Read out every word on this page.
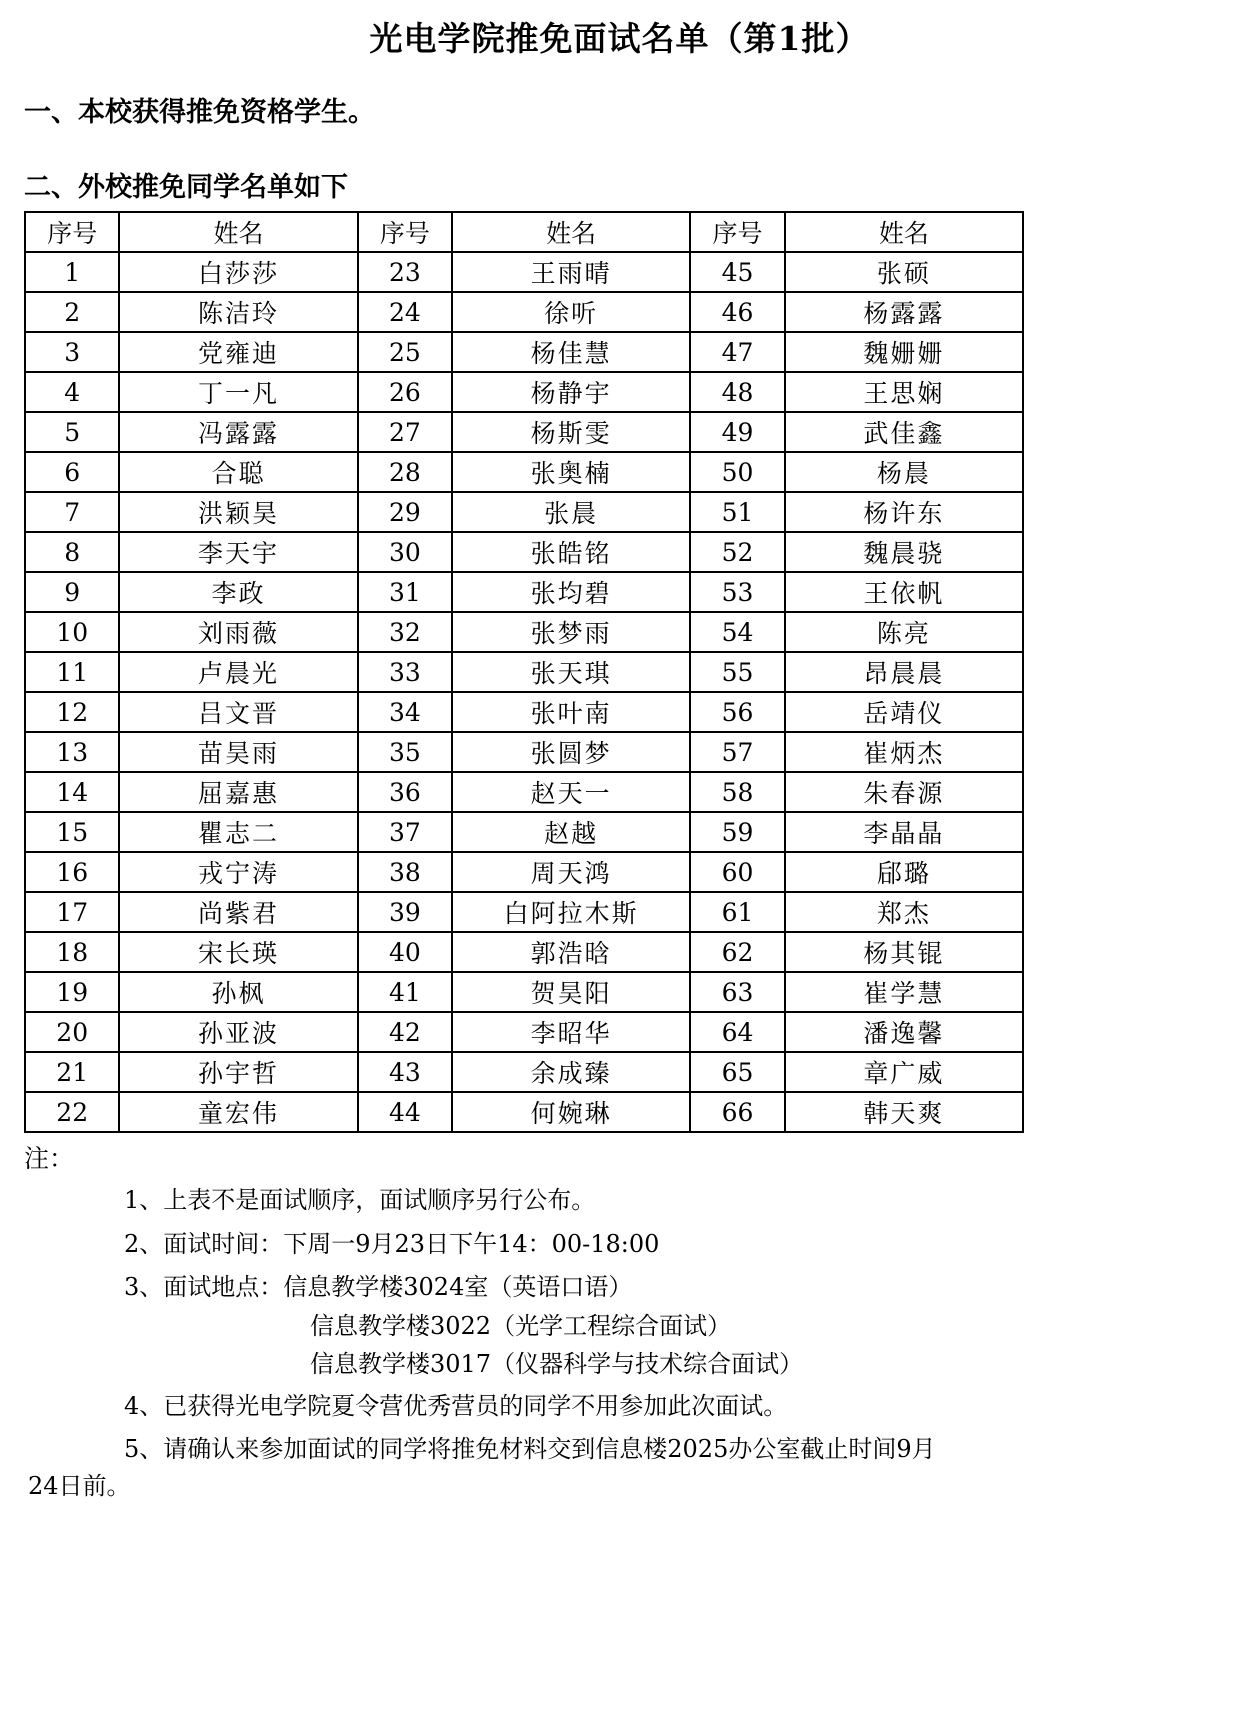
光电学院推免面试名单（第1批）
一、本校获得推免资格学生。
二、外校推免同学名单如下
序号	姓名	序号	姓名	序号	姓名
1	白莎莎	23	王雨晴	45	张硕
2	陈洁玲	24	徐听	46	杨露露
3	党雍迪	25	杨佳慧	47	魏姗姗
4	丁一凡	26	杨静宇	48	王思娴
5	冯露露	27	杨斯雯	49	武佳鑫
6	合聪	28	张奥楠	50	杨晨
7	洪颖昊	29	张晨	51	杨许东
8	李天宇	30	张皓铭	52	魏晨骁
9	李政	31	张均碧	53	王依帆
10	刘雨薇	32	张梦雨	54	陈亮
11	卢晨光	33	张天琪	55	昂晨晨
12	吕文晋	34	张叶南	56	岳靖仪
13	苗昊雨	35	张圆梦	57	崔炳杰
14	屈嘉惠	36	赵天一	58	朱春源
15	瞿志二	37	赵越	59	李晶晶
16	戎宁涛	38	周天鸿	60	郈璐
17	尚紫君	39	白阿拉木斯	61	郑杰
18	宋长瑛	40	郭浩晗	62	杨其锟
19	孙枫	41	贺昊阳	63	崔学慧
20	孙亚波	42	李昭华	64	潘逸馨
21	孙宇哲	43	余成臻	65	章广威
22	童宏伟	44	何婉琳	66	韩天爽
注：
1、上表不是面试顺序，面试顺序另行公布。
2、面试时间：下周一9月23日下午14：00-18:00
3、面试地点：信息教学楼3024室（英语口语）
信息教学楼3022（光学工程综合面试）
信息教学楼3017（仪器科学与技术综合面试）
4、已获得光电学院夏令营优秀营员的同学不用参加此次面试。
5、请确认来参加面试的同学将推免材料交到信息楼2025办公室截止时间9月
24日前。
